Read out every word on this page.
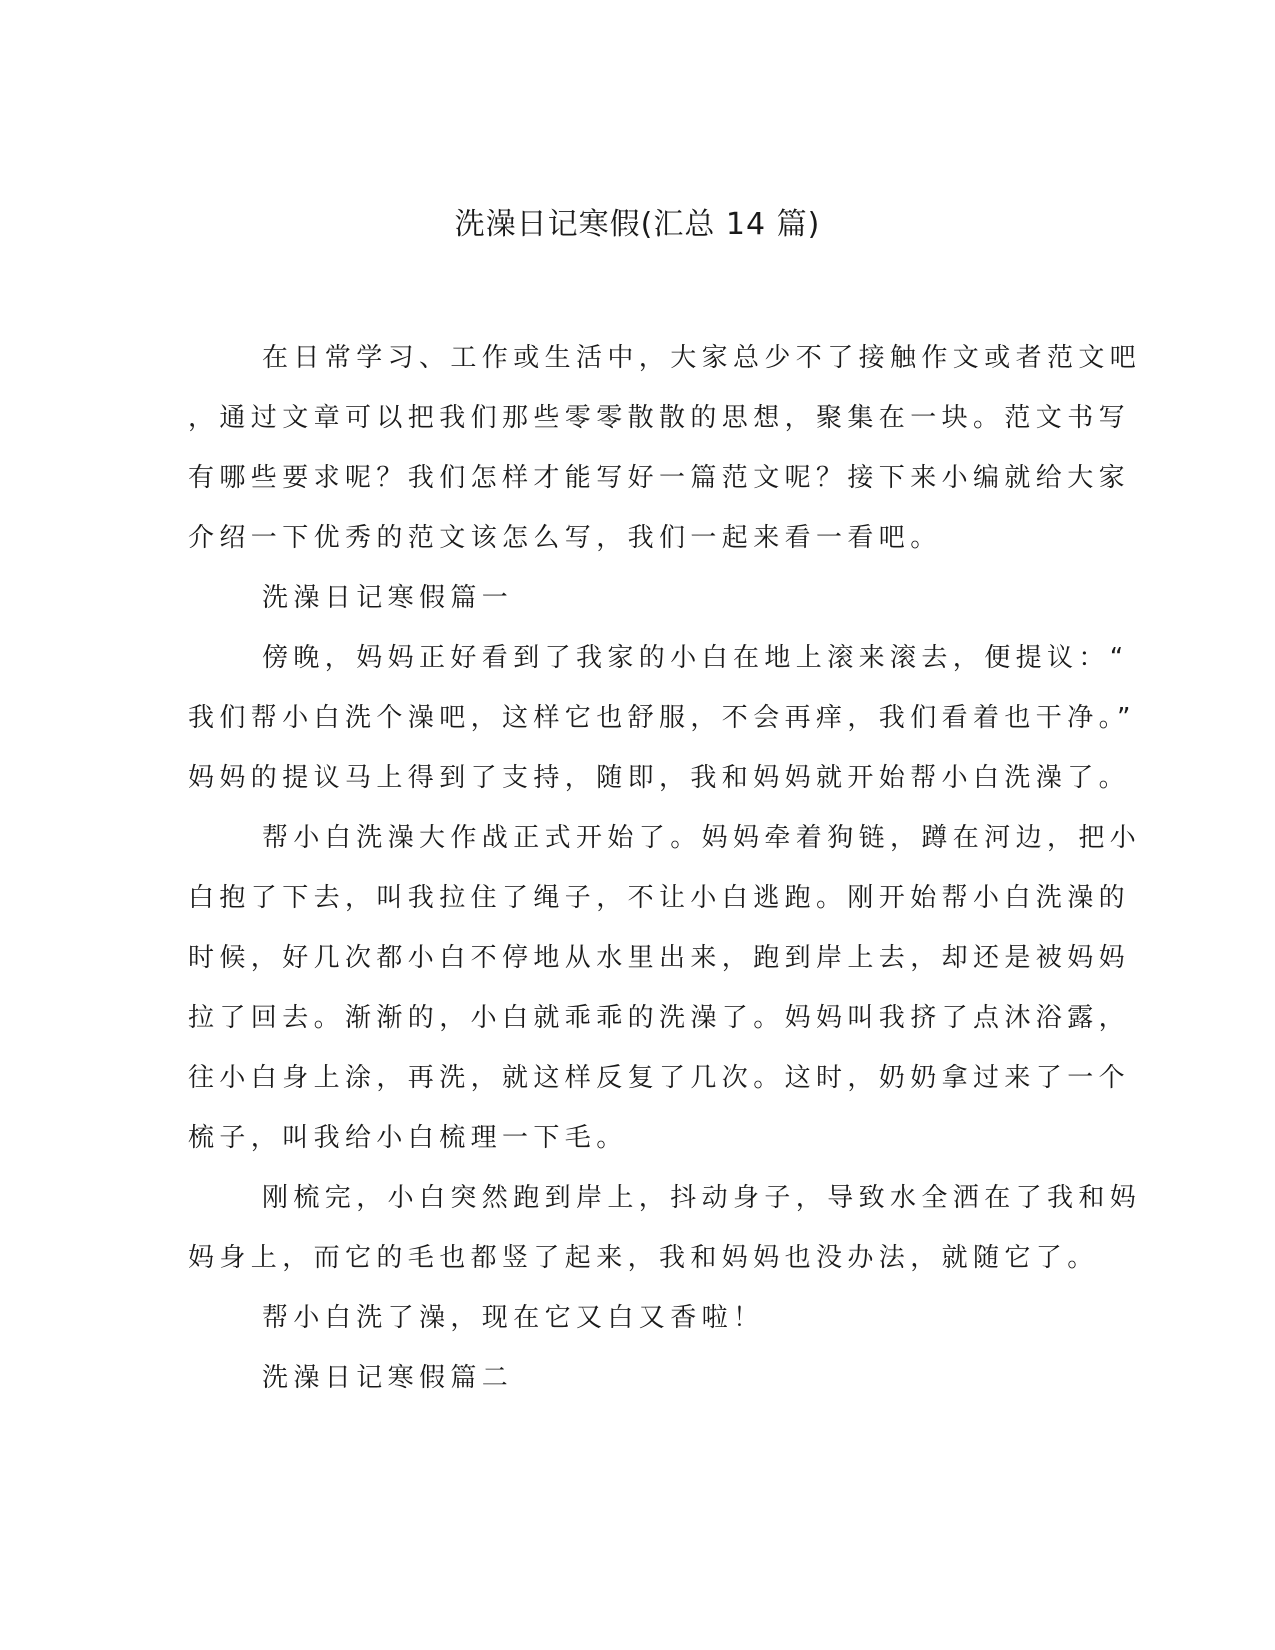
洗澡日记寒假(汇总 14 篇)

在日常学习、工作或生活中，大家总少不了接触作文或者范文吧

，通过文章可以把我们那些零零散散的思想，聚集在一块。范文书写

有哪些要求呢？我们怎样才能写好一篇范文呢？接下来小编就给大家

介绍一下优秀的范文该怎么写，我们一起来看一看吧。

洗澡日记寒假篇一

傍晚，妈妈正好看到了我家的小白在地上滚来滚去，便提议：“

我们帮小白洗个澡吧，这样它也舒服，不会再痒，我们看着也干净。”

妈妈的提议马上得到了支持，随即，我和妈妈就开始帮小白洗澡了。

帮小白洗澡大作战正式开始了。妈妈牵着狗链，蹲在河边，把小

白抱了下去，叫我拉住了绳子，不让小白逃跑。刚开始帮小白洗澡的

时候，好几次都小白不停地从水里出来，跑到岸上去，却还是被妈妈

拉了回去。渐渐的，小白就乖乖的洗澡了。妈妈叫我挤了点沐浴露，

往小白身上涂，再洗，就这样反复了几次。这时，奶奶拿过来了一个

梳子，叫我给小白梳理一下毛。

刚梳完，小白突然跑到岸上，抖动身子，导致水全洒在了我和妈

妈身上，而它的毛也都竖了起来，我和妈妈也没办法，就随它了。

帮小白洗了澡，现在它又白又香啦！

洗澡日记寒假篇二
